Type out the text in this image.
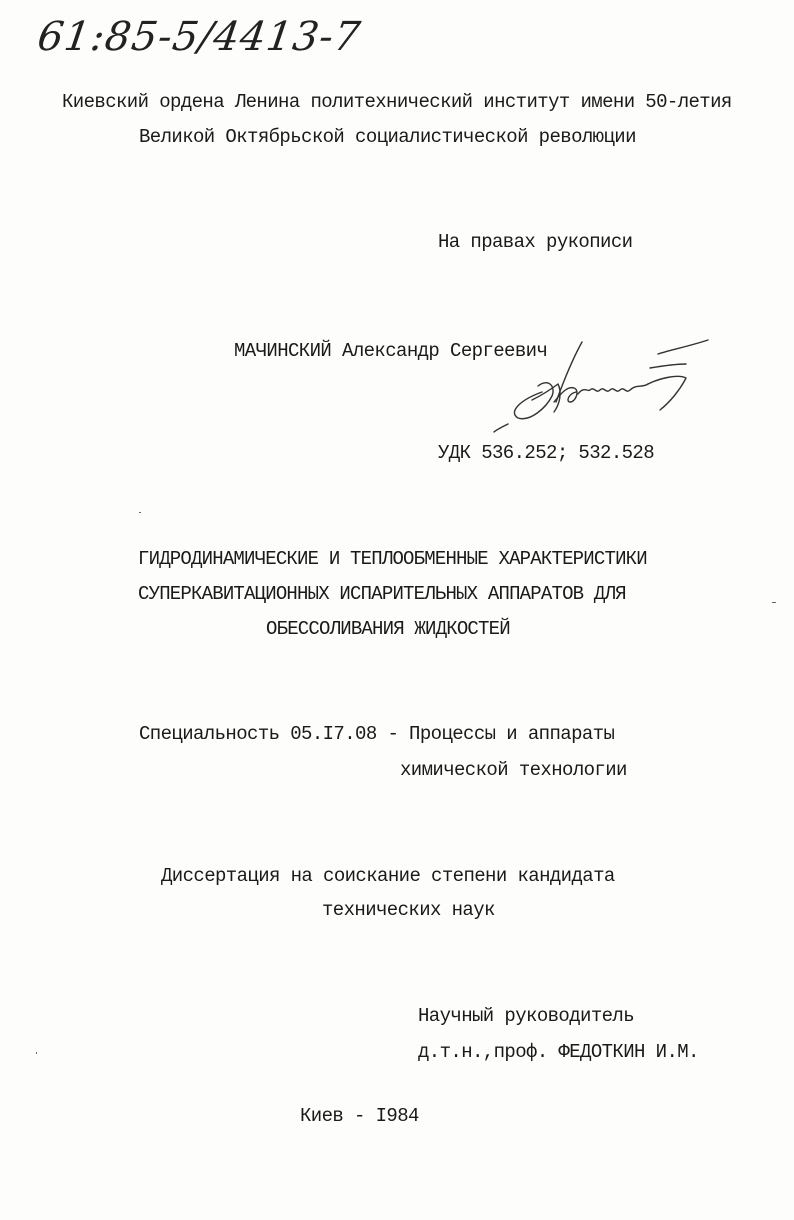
61:85-5/4413-7
Киевский ордена Ленина политехнический институт имени 50-летия
Великой Октябрьской социалистической революции
На правах рукописи
МАЧИНСКИЙ Александр Сергеевич
УДК 536.252; 532.528
ГИДРОДИНАМИЧЕСКИЕ И ТЕПЛООБМЕННЫЕ ХАРАКТЕРИСТИКИ
СУПЕРКАВИТАЦИОННЫХ ИСПАРИТЕЛЬНЫХ АППАРАТОВ ДЛЯ
ОБЕССОЛИВАНИЯ ЖИДКОСТЕЙ
Специальность 05.I7.08 - Процессы и аппараты
химической технологии
Диссертация на соискание степени кандидата
технических наук
Научный руководитель
д.т.н.,проф. ФЕДОТКИН И.М.
Киев - I984
